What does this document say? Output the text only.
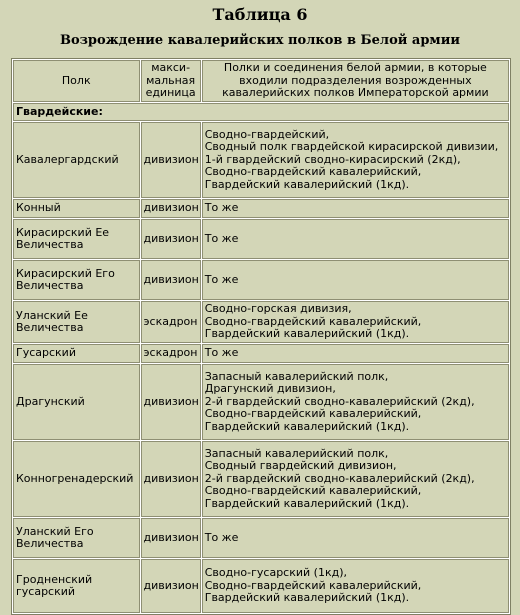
Таблица 6
Возрождение кавалерийских полков в Белой армии
Полк	макси-
мальная
единица	Полки и соединения белой армии, в которые
входили подразделения возрожденных
кавалерийских полков Императорской армии

Гвардейские:		
Кавалергардский	дивизион	Сводно-гвардейский,
Сводный полк гвардейской кирасирской дивизии,
1-й гвардейский сводно-кирасирский (2кд),
Сводно-гвардейский кавалерийский,
Гвардейский кавалерийский (1кд).

Конный	дивизион	То же

Кирасирский Ее Величества	дивизион	То же

Кирасирский Его Величества	дивизион	То же

Уланский Ее Величества	эскадрон	Сводно-горская дивизия,
Сводно-гвардейский кавалерийский,
Гвардейский кавалерийский (1кд).

Гусарский	эскадрон	То же

Драгунский	дивизион	Запасный кавалерийский полк,
Драгунский дивизион,
2-й гвардейский сводно-кавалерийский (2кд),
Сводно-гвардейский кавалерийский,
Гвардейский кавалерийский (1кд).

Конногренадерский	дивизион	Запасный кавалерийский полк,
Сводный гвардейский дивизион,
2-й гвардейский сводно-кавалерийский (2кд),
Сводно-гвардейский кавалерийский,
Гвардейский кавалерийский (1кд).

Уланский Его Величества	дивизион	То же

Гродненский гусарский	дивизион	Сводно-гусарский (1кд),
Сводно-гвардейский кавалерийский,
Гвардейский кавалерийский (1кд).
